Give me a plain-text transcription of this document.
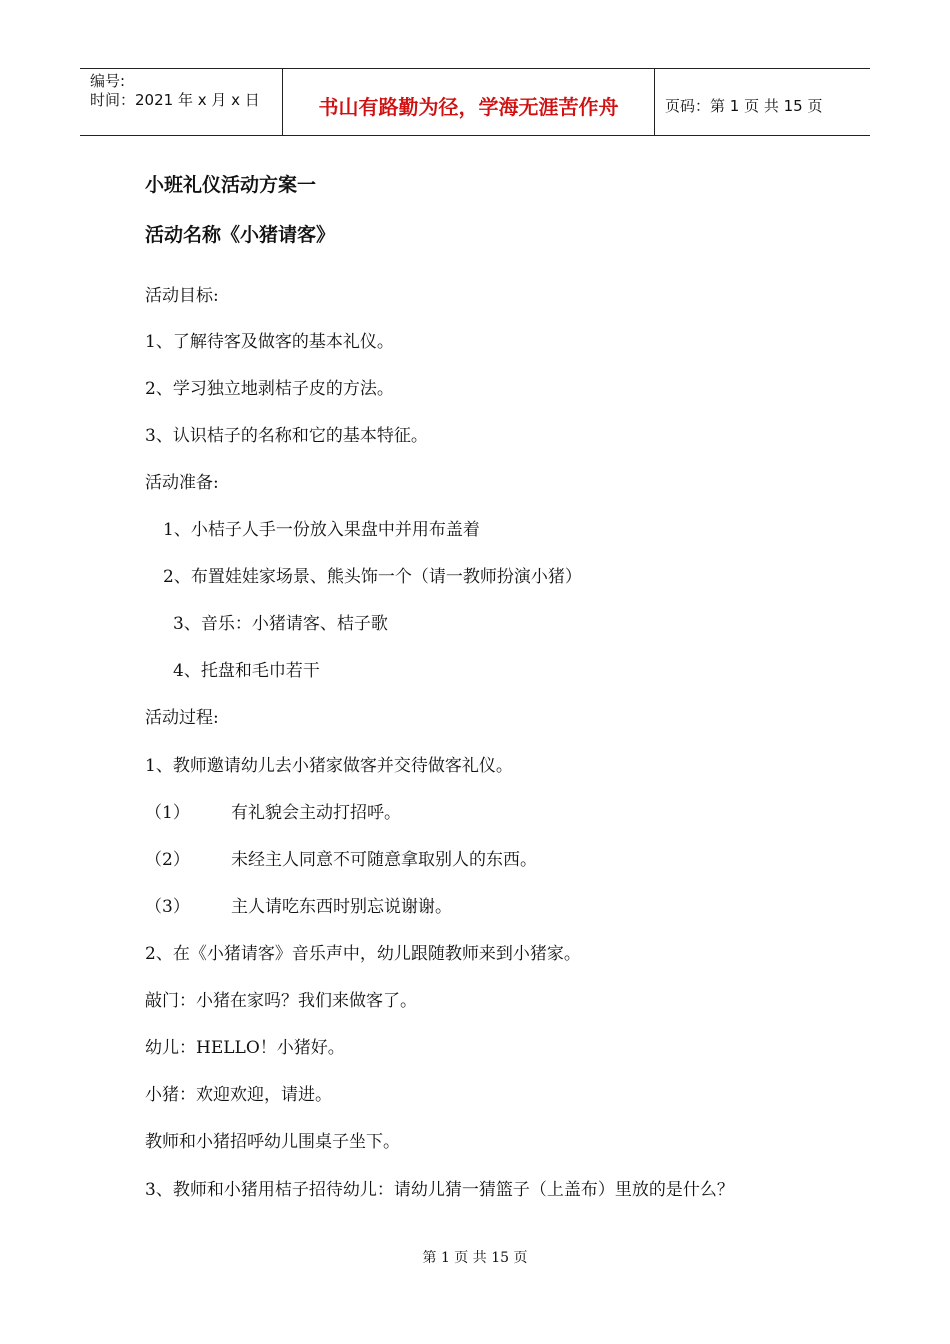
编号:
时间：2021 年 x 月 x 日	书山有路勤为径，学海无涯苦作舟	页码：第 1 页 共 15 页
小班礼仪活动方案一
活动名称《小猪请客》
活动目标:
1、了解待客及做客的基本礼仪。
2、学习独立地剥桔子皮的方法。
3、认识桔子的名称和它的基本特征。
活动准备:
1、小桔子人手一份放入果盘中并用布盖着
2、布置娃娃家场景、熊头饰一个（请一教师扮演小猪）
3、音乐：小猪请客、桔子歌
4、托盘和毛巾若干
活动过程:
1、教师邀请幼儿去小猪家做客并交待做客礼仪。
（1） 有礼貌会主动打招呼。
（2） 未经主人同意不可随意拿取别人的东西。
（3） 主人请吃东西时别忘说谢谢。
2、在《小猪请客》音乐声中，幼儿跟随教师来到小猪家。
敲门：小猪在家吗？我们来做客了。
幼儿：HELLO！小猪好。
小猪：欢迎欢迎，请进。
教师和小猪招呼幼儿围桌子坐下。
3、教师和小猪用桔子招待幼儿：请幼儿猜一猜篮子（上盖布）里放的是什么？
第 1 页 共 15 页
